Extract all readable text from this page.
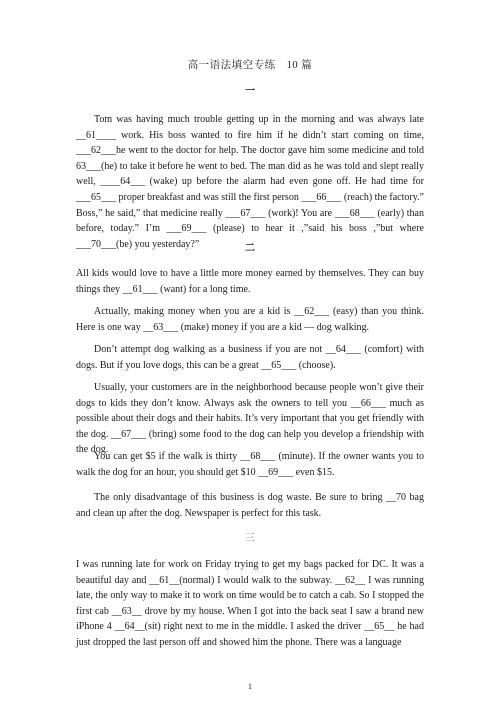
高一语法填空专练　10 篇
一

Tom was having much trouble getting up in the morning and was always late __61____ work. His boss wanted to fire him if he didn’t start coming on time, ___62___he went to the doctor for help. The doctor gave him some medicine and told 63___(he) to take it before he went to bed. The man did as he was told and slept really well, ____64___ (wake) up before the alarm had even gone off. He had time for ___65___ proper breakfast and was still the first person ___66___ (reach) the factory.” Boss,” he said,” that medicine really ___67___ (work)! You are ___68___ (early) than before, today.” I’m ___69___ (please) to hear it ,”said his boss ,”but where ___70___(be) you yesterday?”	二

All kids would love to have a little more money earned by themselves. They can buy things they __61___ (want) for a long time.

Actually, making money when you are a kid is __62___ (easy) than you think. Here is one way __63___ (make) money if you are a kid — dog walking.

Don’t attempt dog walking as a business if you are not __64___ (comfort) with dogs. But if you love dogs, this can be a great __65___ (choose).

Usually, your customers are in the neighborhood because people won’t give their dogs to kids they don’t know. Always ask the owners to tell you __66___ much as possible about their dogs and their habits. It’s very important that you get friendly with the dog. __67___ (bring) some food to the dog can help you develop a friendship with the dog.

You can get $5 if the walk is thirty __68___ (minute). If the owner wants you to walk the dog for an hour, you should get $10 __69___ even $15.

The only disadvantage of this business is dog waste. Be sure to bring __70 bag and clean up after the dog. Newspaper is perfect for this task.

三

I was running late for work on Friday trying to get my bags packed for DC. It was a beautiful day and __61__(normal) I would walk to the subway. __62__ I was running late, the only way to make it to work on time would be to catch a cab. So I stopped the first cab __63__ drove by my house. When I got into the back seat I saw a brand new iPhone 4 __64__(sit) right next to me in the middle. I asked the driver __65__ he had just dropped the last person off and showed him the phone. There was a language

1
